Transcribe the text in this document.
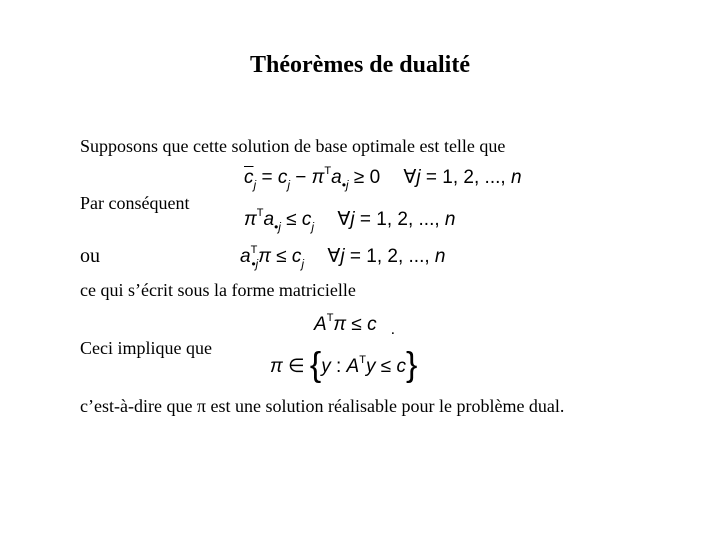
Théorèmes de dualité
Supposons que cette solution de base optimale est telle que
$\overline{c}_j = c_j - \pi^Ta_{•j} \ge 0$ ∀j = 1, 2, ..., n
Par conséquent
$\pi^Ta_{•j} \le c_j$ ∀j = 1, 2, ..., n
ou	$a^T_{•j}\pi \le c_j$ ∀j = 1, 2, ..., n
ce qui s’écrit sous la forme matricielle
$A^T\pi \le c$ $_.$
Ceci implique que
π ∈ {y : $A^Ty \le c$}
c’est-à-dire que π est une solution réalisable pour le problème dual.
